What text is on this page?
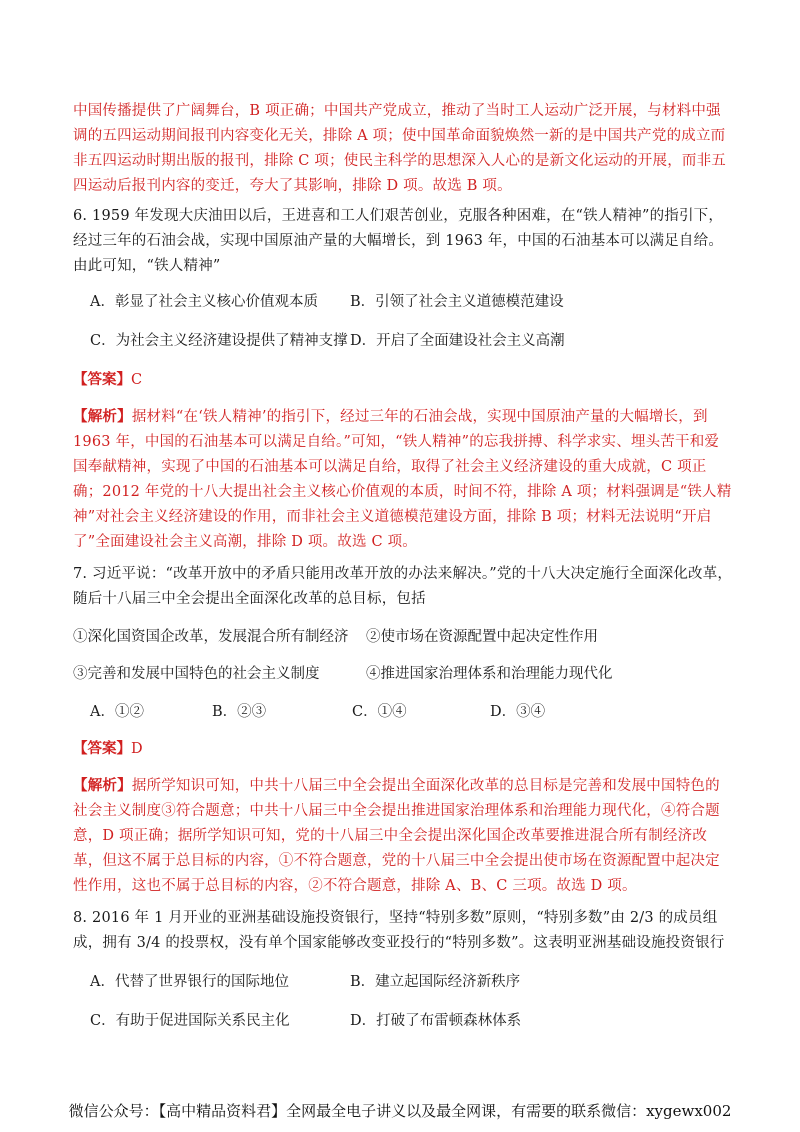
中国传播提供了广阔舞台，B 项正确；中国共产党成立，推动了当时工人运动广泛开展，与材料中强调的五四运动期间报刊内容变化无关，排除 A 项；使中国革命面貌焕然一新的是中国共产党的成立而非五四运动时期出版的报刊，排除 C 项；使民主科学的思想深入人心的是新文化运动的开展，而非五四运动后报刊内容的变迁，夸大了其影响，排除 D 项。故选 B 项。

6. 1959 年发现大庆油田以后，王进喜和工人们艰苦创业，克服各种困难，在“铁人精神”的指引下，经过三年的石油会战，实现中国原油产量的大幅增长，到 1963 年，中国的石油基本可以满足自给。由此可知，“铁人精神”

A．彰显了社会主义核心价值观本质 B．引领了社会主义道德模范建设

C．为社会主义经济建设提供了精神支撑 D．开启了全面建设社会主义高潮

【答案】C

【解析】据材料“在‘铁人精神’的指引下，经过三年的石油会战，实现中国原油产量的大幅增长，到 1963 年，中国的石油基本可以满足自给。”可知，“铁人精神”的忘我拼搏、科学求实、埋头苦干和爱国奉献精神，实现了中国的石油基本可以满足自给，取得了社会主义经济建设的重大成就，C 项正确；2012 年党的十八大提出社会主义核心价值观的本质，时间不符，排除 A 项；材料强调是“铁人精神”对社会主义经济建设的作用，而非社会主义道德模范建设方面，排除 B 项；材料无法说明“开启了”全面建设社会主义高潮，排除 D 项。故选 C 项。

7. 习近平说：“改革开放中的矛盾只能用改革开放的办法来解决。”党的十八大决定施行全面深化改革，随后十八届三中全会提出全面深化改革的总目标，包括

①深化国资国企改革，发展混合所有制经济 ②使市场在资源配置中起决定性作用

③完善和发展中国特色的社会主义制度	④推进国家治理体系和治理能力现代化

A．①②	B．②③	C．①④	D．③④

【答案】D

【解析】据所学知识可知，中共十八届三中全会提出全面深化改革的总目标是完善和发展中国特色的社会主义制度③符合题意；中共十八届三中全会提出推进国家治理体系和治理能力现代化，④符合题意，D 项正确；据所学知识可知，党的十八届三中全会提出深化国企改革要推进混合所有制经济改革，但这不属于总目标的内容，①不符合题意，党的十八届三中全会提出使市场在资源配置中起决定性作用，这也不属于总目标的内容，②不符合题意，排除 A、B、C 三项。故选 D 项。

8. 2016 年 1 月开业的亚洲基础设施投资银行，坚持“特别多数”原则，“特别多数”由 2/3 的成员组成，拥有 3/4 的投票权，没有单个国家能够改变亚投行的“特别多数”。这表明亚洲基础设施投资银行

A．代替了世界银行的国际地位	B．建立起国际经济新秩序

C．有助于促进国际关系民主化	D．打破了布雷顿森林体系

微信公众号：【高中精品资料君】全网最全电子讲义以及最全网课，有需要的联系微信：xygewx002
